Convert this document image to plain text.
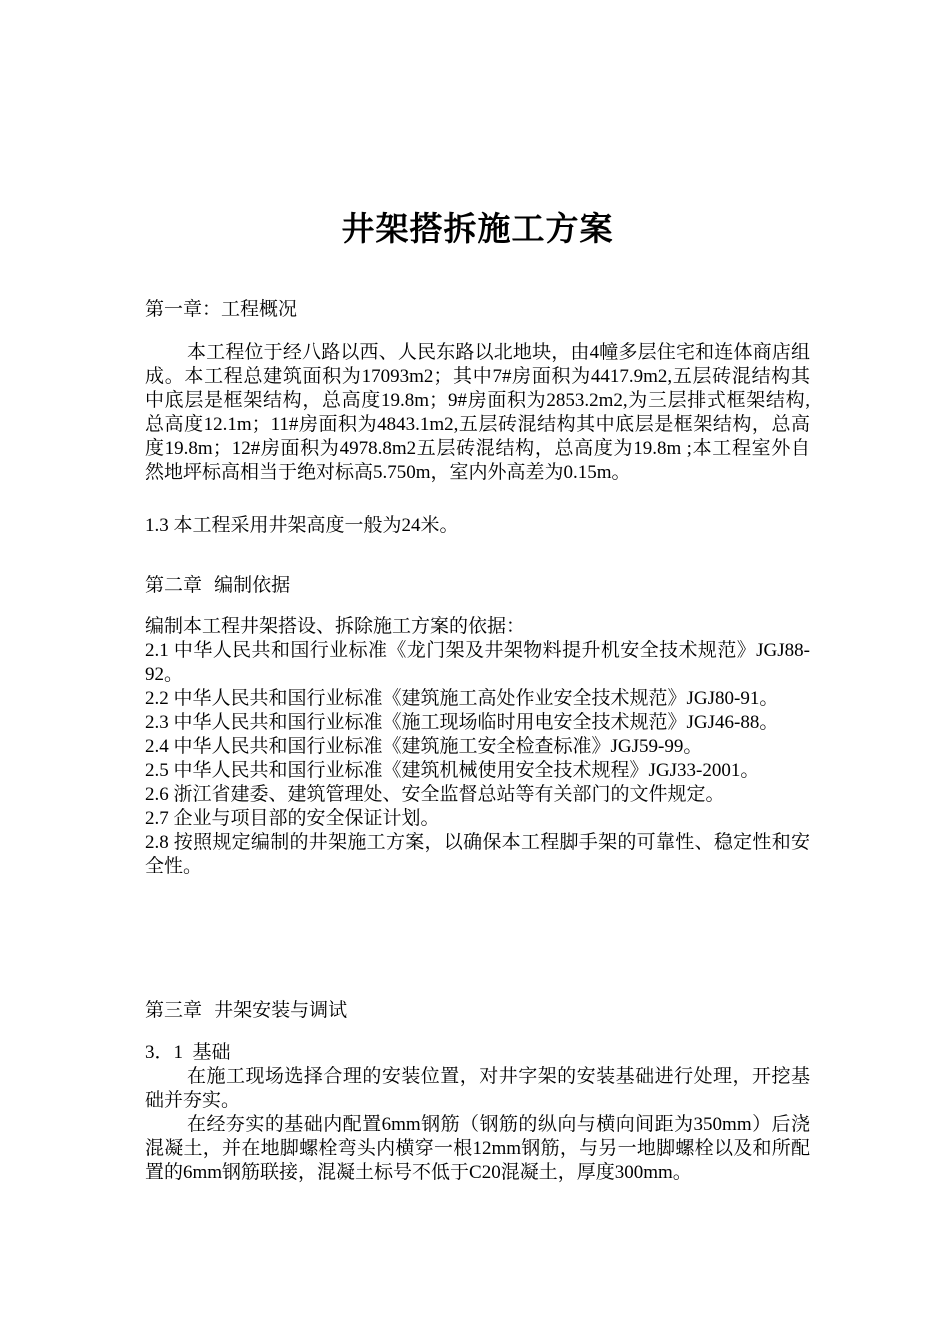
井架搭拆施工方案
第一章：工程概况
本工程位于经八路以西、人民东路以北地块，由4幢多层住宅和连体商店组成。本工程总建筑面积为17093m2；其中7#房面积为4417.9m2,五层砖混结构其中底层是框架结构，总高度19.8m；9#房面积为2853.2m2,为三层排式框架结构, 总高度12.1m；11#房面积为4843.1m2,五层砖混结构其中底层是框架结构，总高度19.8m；12#房面积为4978.8m2五层砖混结构，总高度为19.8m ;本工程室外自然地坪标高相当于绝对标高5.750m，室内外高差为0.15m。
1.3 本工程采用井架高度一般为24米。
第二章  编制依据
编制本工程井架搭设、拆除施工方案的依据：
2.1 中华人民共和国行业标准《龙门架及井架物料提升机安全技术规范》JGJ88-92。
2.2 中华人民共和国行业标准《建筑施工高处作业安全技术规范》JGJ80-91。
2.3 中华人民共和国行业标准《施工现场临时用电安全技术规范》JGJ46-88。
2.4 中华人民共和国行业标准《建筑施工安全检查标准》JGJ59-99。
2.5 中华人民共和国行业标准《建筑机械使用安全技术规程》JGJ33-2001。
2.6 浙江省建委、建筑管理处、安全监督总站等有关部门的文件规定。
2.7 企业与项目部的安全保证计划。
2.8 按照规定编制的井架施工方案，以确保本工程脚手架的可靠性、稳定性和安全性。
第三章  井架安装与调试
3．1  基础
在施工现场选择合理的安装位置，对井字架的安装基础进行处理，开挖基础并夯实。
在经夯实的基础内配置6mm钢筋（钢筋的纵向与横向间距为350mm）后浇混凝土，并在地脚螺栓弯头内横穿一根12mm钢筋，与另一地脚螺栓以及和所配置的6mm钢筋联接，混凝土标号不低于C20混凝土，厚度300mm。
